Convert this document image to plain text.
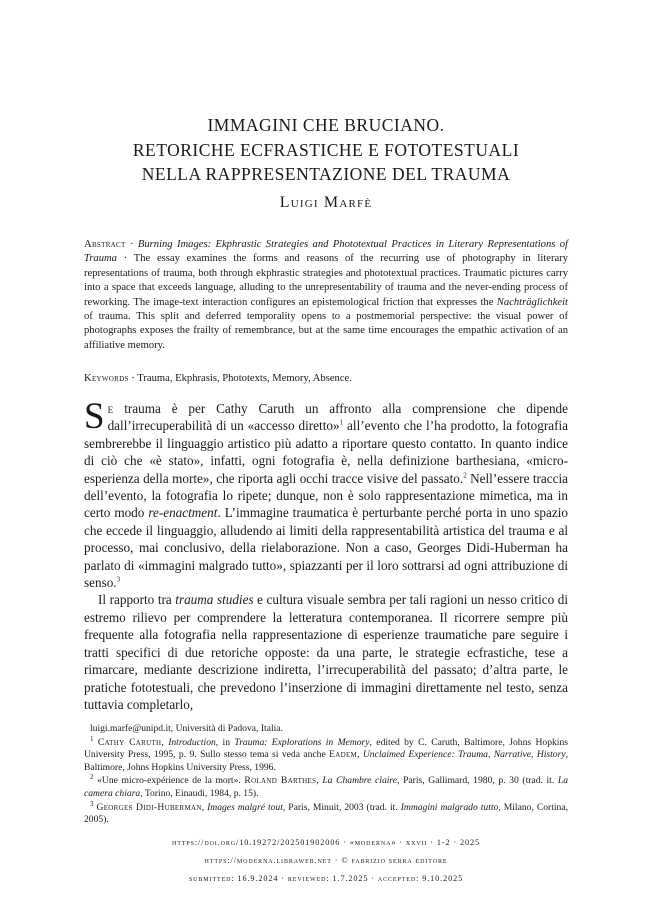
IMMAGINI CHE BRUCIANO.
RETORICHE ECFRASTICHE E FOTOTESTUALI
NELLA RAPPRESENTAZIONE DEL TRAUMA
Luigi Marfè
Abstract · Burning Images: Ekphrastic Strategies and Phototextual Practices in Literary Representations of Trauma · The essay examines the forms and reasons of the recurring use of photography in literary representations of trauma, both through ekphrastic strategies and phototextual practices. Traumatic pictures carry into a space that exceeds language, alluding to the unrepresentability of trauma and the never-ending process of reworking. The image-text interaction configures an epistemological friction that expresses the Nachträglichkeit of trauma. This split and deferred temporality opens to a postmemorial perspective: the visual power of photographs exposes the frailty of remembrance, but at the same time encourages the empathic activation of an affiliative memory.
Keywords · Trauma, Ekphrasis, Phototexts, Memory, Absence.

Se trauma è per Cathy Caruth un affronto alla comprensione che dipende dall’irrecuperabilità di un «accesso diretto»$^1$ all’evento che l’ha prodotto, la fotografia sembrerebbe il linguaggio artistico più adatto a riportare questo contatto. In quanto indice di ciò che «è stato», infatti, ogni fotografia è, nella definizione barthesiana, «micro-esperienza della morte», che riporta agli occhi tracce visive del passato.$^2$ Nell’essere traccia dell’evento, la fotografia lo ripete; dunque, non è solo rappresentazione mimetica, ma in certo modo re-enactment. L’immagine traumatica è perturbante perché porta in uno spazio che eccede il linguaggio, alludendo ai limiti della rappresentabilità artistica del trauma e al processo, mai conclusivo, della rielaborazione. Non a caso, Georges Didi-Huberman ha parlato di «immagini malgrado tutto», spiazzanti per il loro sottrarsi ad ogni attribuzione di senso.$^3$

Il rapporto tra trauma studies e cultura visuale sembra per tali ragioni un nesso critico di estremo rilievo per comprendere la letteratura contemporanea. Il ricorrere sempre più frequente alla fotografia nella rappresentazione di esperienze traumatiche pare seguire i tratti specifici di due retoriche opposte: da una parte, le strategie ecfrastiche, tese a rimarcare, mediante descrizione indiretta, l’irrecuperabilità del passato; d’altra parte, le pratiche fototestuali, che prevedono l’inserzione di immagini direttamente nel testo, senza tuttavia completarlo,

luigi.marfe@unipd.it, Università di Padova, Italia.

$^1$ Cathy Caruth, Introduction, in Trauma: Explorations in Memory, edited by C. Caruth, Baltimore, Johns Hopkins University Press, 1995, p. 9. Sullo stesso tema si veda anche Eadem, Unclaimed Experience: Trauma, Narrative, History, Baltimore, Johns Hopkins University Press, 1996.

$^2$ «Une micro-expérience de la mort». Roland Barthes, La Chambre claire, Paris, Gallimard, 1980, p. 30 (trad. it. La camera chiara, Torino, Einaudi, 1984, p. 15).

$^3$ Georges Didi-Huberman, Images malgré tout, Paris, Minuit, 2003 (trad. it. Immagini malgrado tutto, Milano, Cortina, 2005).

https://doi.org/10.19272/202501902006 · «moderna» · xxvii · 1-2 · 2025
https://moderna.libraweb.net · © fabrizio serra editore
submitted: 16.9.2024 · reviewed: 1.7.2025 · accepted: 9.10.2025
